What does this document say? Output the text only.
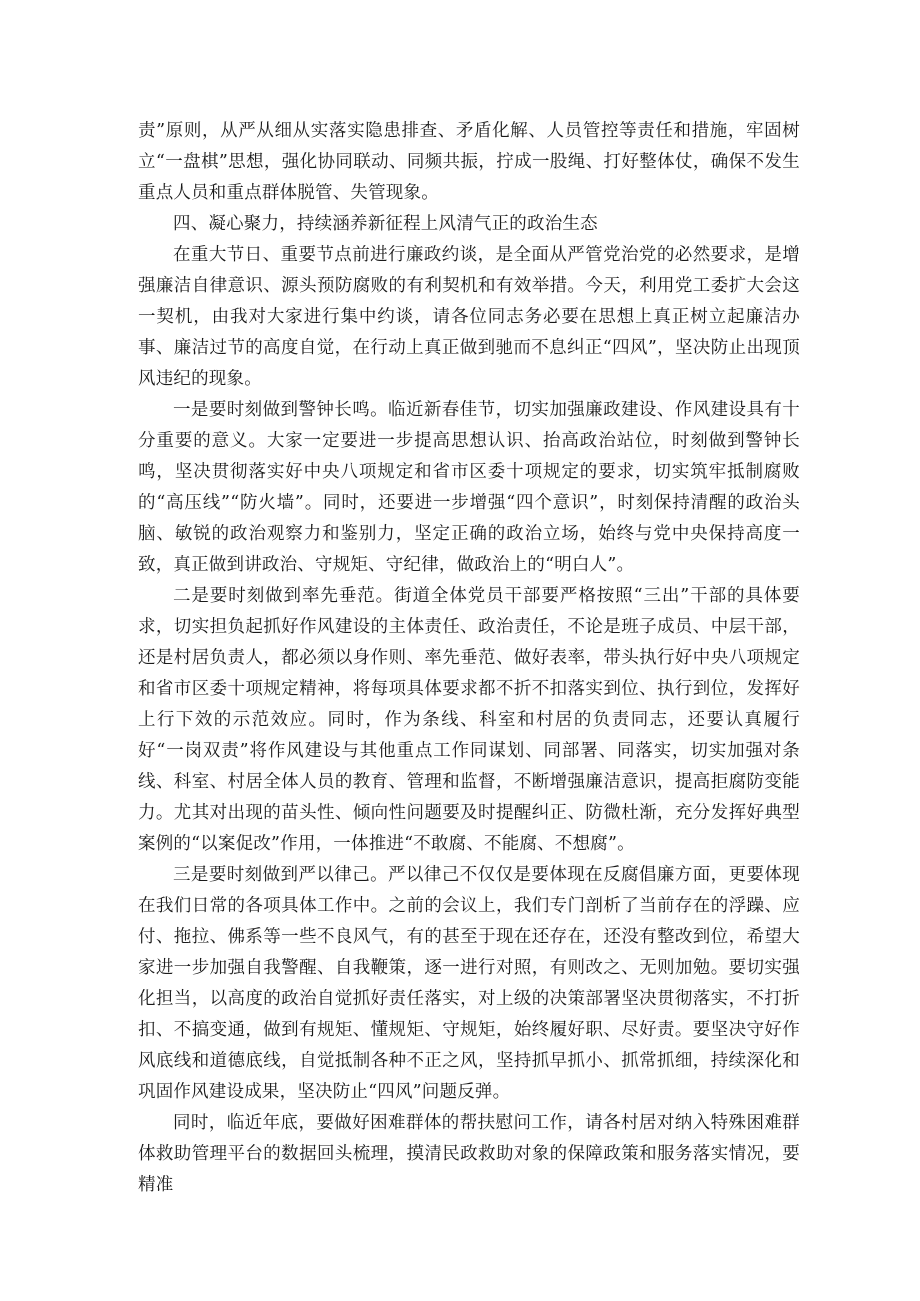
责”原则，从严从细从实落实隐患排查、矛盾化解、人员管控等责任和措施，牢固树立“一盘棋”思想，强化协同联动、同频共振，拧成一股绳、打好整体仗，确保不发生重点人员和重点群体脱管、失管现象。

四、凝心聚力，持续涵养新征程上风清气正的政治生态

在重大节日、重要节点前进行廉政约谈，是全面从严管党治党的必然要求，是增强廉洁自律意识、源头预防腐败的有利契机和有效举措。今天，利用党工委扩大会这一契机，由我对大家进行集中约谈，请各位同志务必要在思想上真正树立起廉洁办事、廉洁过节的高度自觉，在行动上真正做到驰而不息纠正“四风”，坚决防止出现顶风违纪的现象。

一是要时刻做到警钟长鸣。临近新春佳节，切实加强廉政建设、作风建设具有十分重要的意义。大家一定要进一步提高思想认识、抬高政治站位，时刻做到警钟长鸣，坚决贯彻落实好中央八项规定和省市区委十项规定的要求，切实筑牢抵制腐败的“高压线”“防火墙”。同时，还要进一步增强“四个意识”，时刻保持清醒的政治头脑、敏锐的政治观察力和鉴别力，坚定正确的政治立场，始终与党中央保持高度一致，真正做到讲政治、守规矩、守纪律，做政治上的“明白人”。

二是要时刻做到率先垂范。街道全体党员干部要严格按照“三出”干部的具体要求，切实担负起抓好作风建设的主体责任、政治责任，不论是班子成员、中层干部，还是村居负责人，都必须以身作则、率先垂范、做好表率，带头执行好中央八项规定和省市区委十项规定精神，将每项具体要求都不折不扣落实到位、执行到位，发挥好上行下效的示范效应。同时，作为条线、科室和村居的负责同志，还要认真履行好“一岗双责”将作风建设与其他重点工作同谋划、同部署、同落实，切实加强对条线、科室、村居全体人员的教育、管理和监督，不断增强廉洁意识，提高拒腐防变能力。尤其对出现的苗头性、倾向性问题要及时提醒纠正、防微杜渐，充分发挥好典型案例的“以案促改”作用，一体推进“不敢腐、不能腐、不想腐”。

三是要时刻做到严以律己。严以律己不仅仅是要体现在反腐倡廉方面，更要体现在我们日常的各项具体工作中。之前的会议上，我们专门剖析了当前存在的浮躁、应付、拖拉、佛系等一些不良风气，有的甚至于现在还存在，还没有整改到位，希望大家进一步加强自我警醒、自我鞭策，逐一进行对照，有则改之、无则加勉。要切实强化担当，以高度的政治自觉抓好责任落实，对上级的决策部署坚决贯彻落实，不打折扣、不搞变通，做到有规矩、懂规矩、守规矩，始终履好职、尽好责。要坚决守好作风底线和道德底线，自觉抵制各种不正之风，坚持抓早抓小、抓常抓细，持续深化和巩固作风建设成果，坚决防止“四风”问题反弹。

同时，临近年底，要做好困难群体的帮扶慰问工作，请各村居对纳入特殊困难群体救助管理平台的数据回头梳理，摸清民政救助对象的保障政策和服务落实情况，要精准
